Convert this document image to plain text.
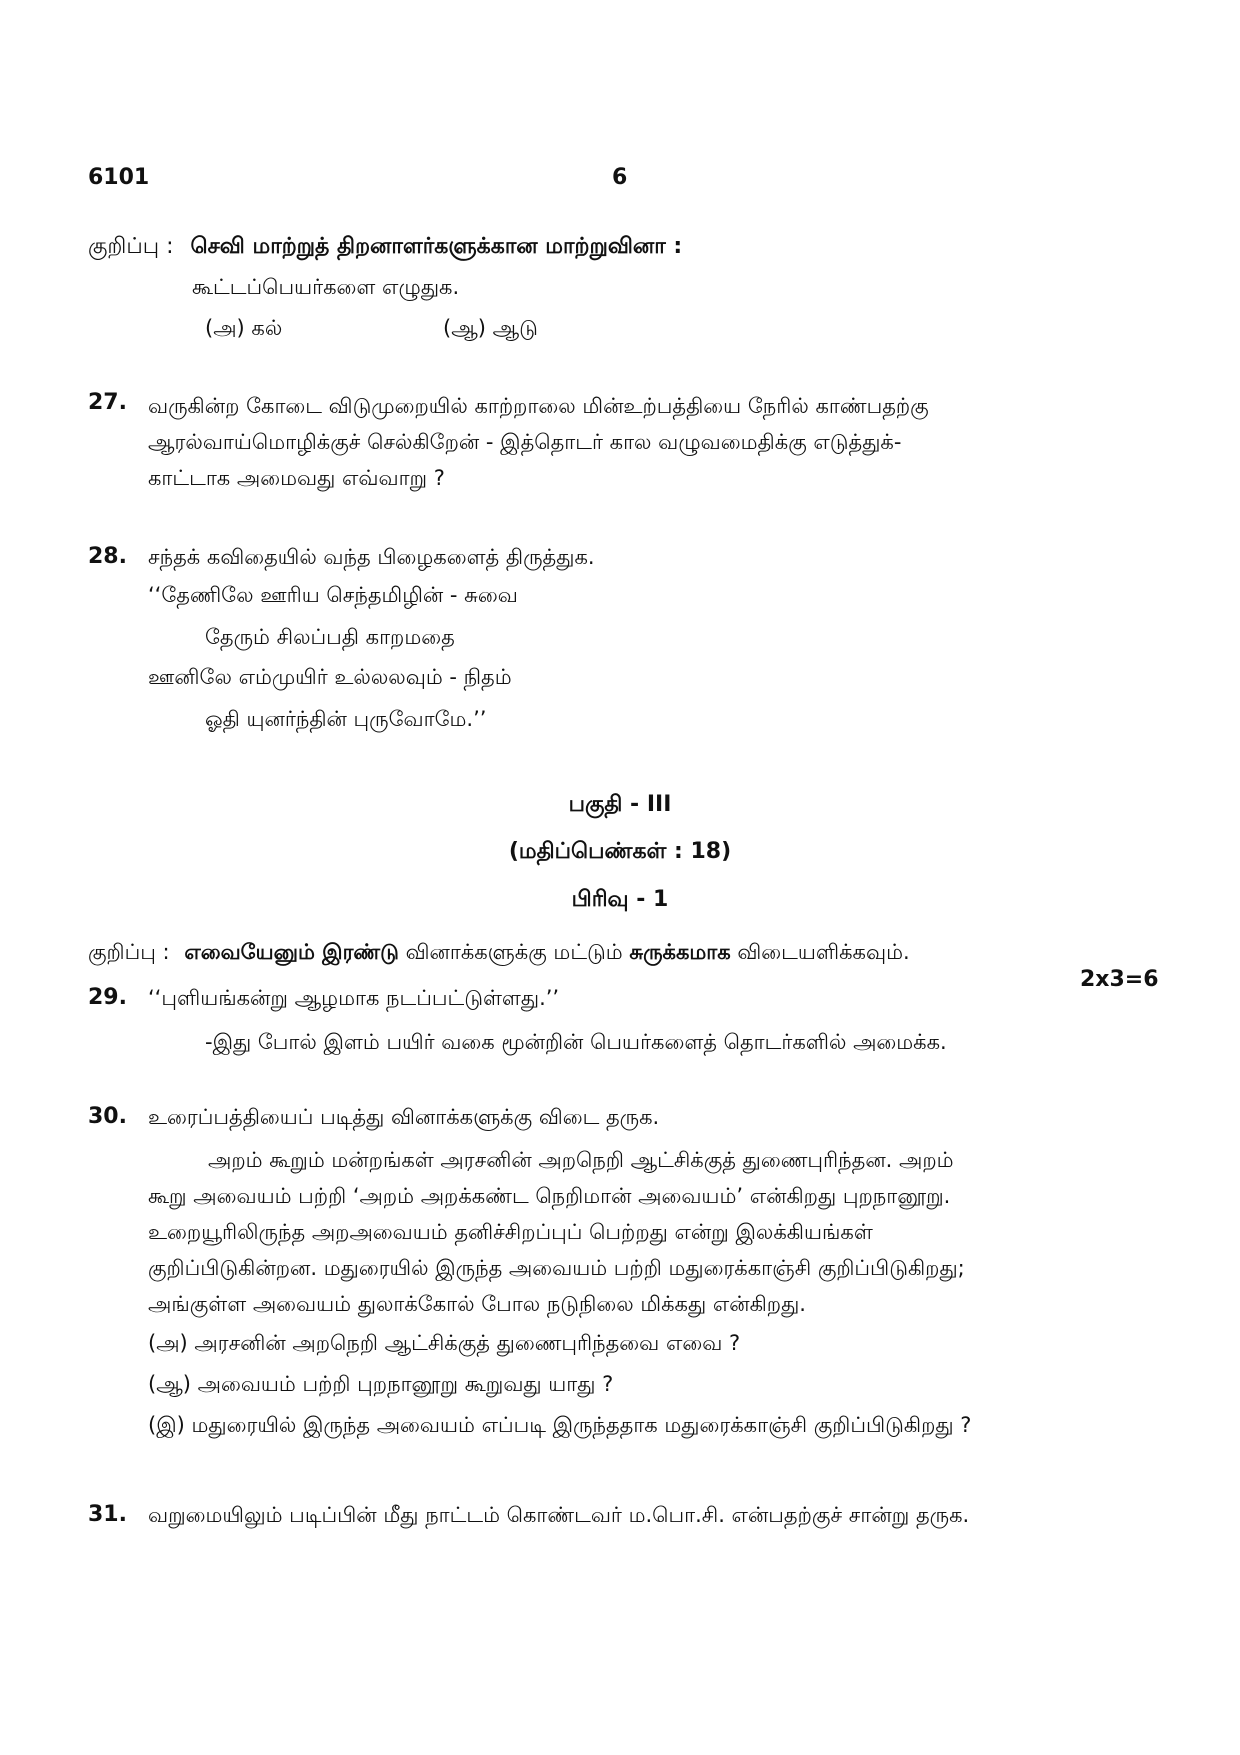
6101	6
குறிப்பு : செவி மாற்றுத் திறனாளர்களுக்கான மாற்றுவினா :
கூட்டப்பெயர்களை எழுதுக.
(அ) கல்	(ஆ) ஆடு
27. வருகின்ற கோடை விடுமுறையில் காற்றாலை மின்உற்பத்தியை நேரில் காண்பதற்கு
ஆரல்வாய்மொழிக்குச் செல்கிறேன் - இத்தொடர் கால வழுவமைதிக்கு எடுத்துக்-
காட்டாக அமைவது எவ்வாறு ?
28. சந்தக் கவிதையில் வந்த பிழைகளைத் திருத்துக.
‘‘தேணிலே ஊரிய செந்தமிழின் - சுவை
தேரும் சிலப்பதி காறமதை
ஊனிலே எம்முயிர் உல்லலவும் - நிதம்
ஓதி யுனர்ந்தின் புருவோமே.’’
பகுதி - III
(மதிப்பெண்கள் : 18)
பிரிவு - 1
குறிப்பு : எவையேனும் இரண்டு வினாக்களுக்கு மட்டும் சுருக்கமாக விடையளிக்கவும்.
2x3=6
29. ‘‘புளியங்கன்று ஆழமாக நடப்பட்டுள்ளது.’’
-இது போல் இளம் பயிர் வகை மூன்றின் பெயர்களைத் தொடர்களில் அமைக்க.
30. உரைப்பத்தியைப் படித்து வினாக்களுக்கு விடை தருக.
அறம் கூறும் மன்றங்கள் அரசனின் அறநெறி ஆட்சிக்குத் துணைபுரிந்தன. அறம்
கூறு அவையம் பற்றி ‘அறம் அறக்கண்ட நெறிமான் அவையம்’ என்கிறது புறநானூறு.
உறையூரிலிருந்த அறஅவையம் தனிச்சிறப்புப் பெற்றது என்று இலக்கியங்கள்
குறிப்பிடுகின்றன. மதுரையில் இருந்த அவையம் பற்றி மதுரைக்காஞ்சி குறிப்பிடுகிறது;
அங்குள்ள அவையம் துலாக்கோல் போல நடுநிலை மிக்கது என்கிறது.
(அ) அரசனின் அறநெறி ஆட்சிக்குத் துணைபுரிந்தவை எவை ?
(ஆ) அவையம் பற்றி புறநானூறு கூறுவது யாது ?
(இ) மதுரையில் இருந்த அவையம் எப்படி இருந்ததாக மதுரைக்காஞ்சி குறிப்பிடுகிறது ?
31. வறுமையிலும் படிப்பின் மீது நாட்டம் கொண்டவர் ம.பொ.சி. என்பதற்குச் சான்று தருக.
